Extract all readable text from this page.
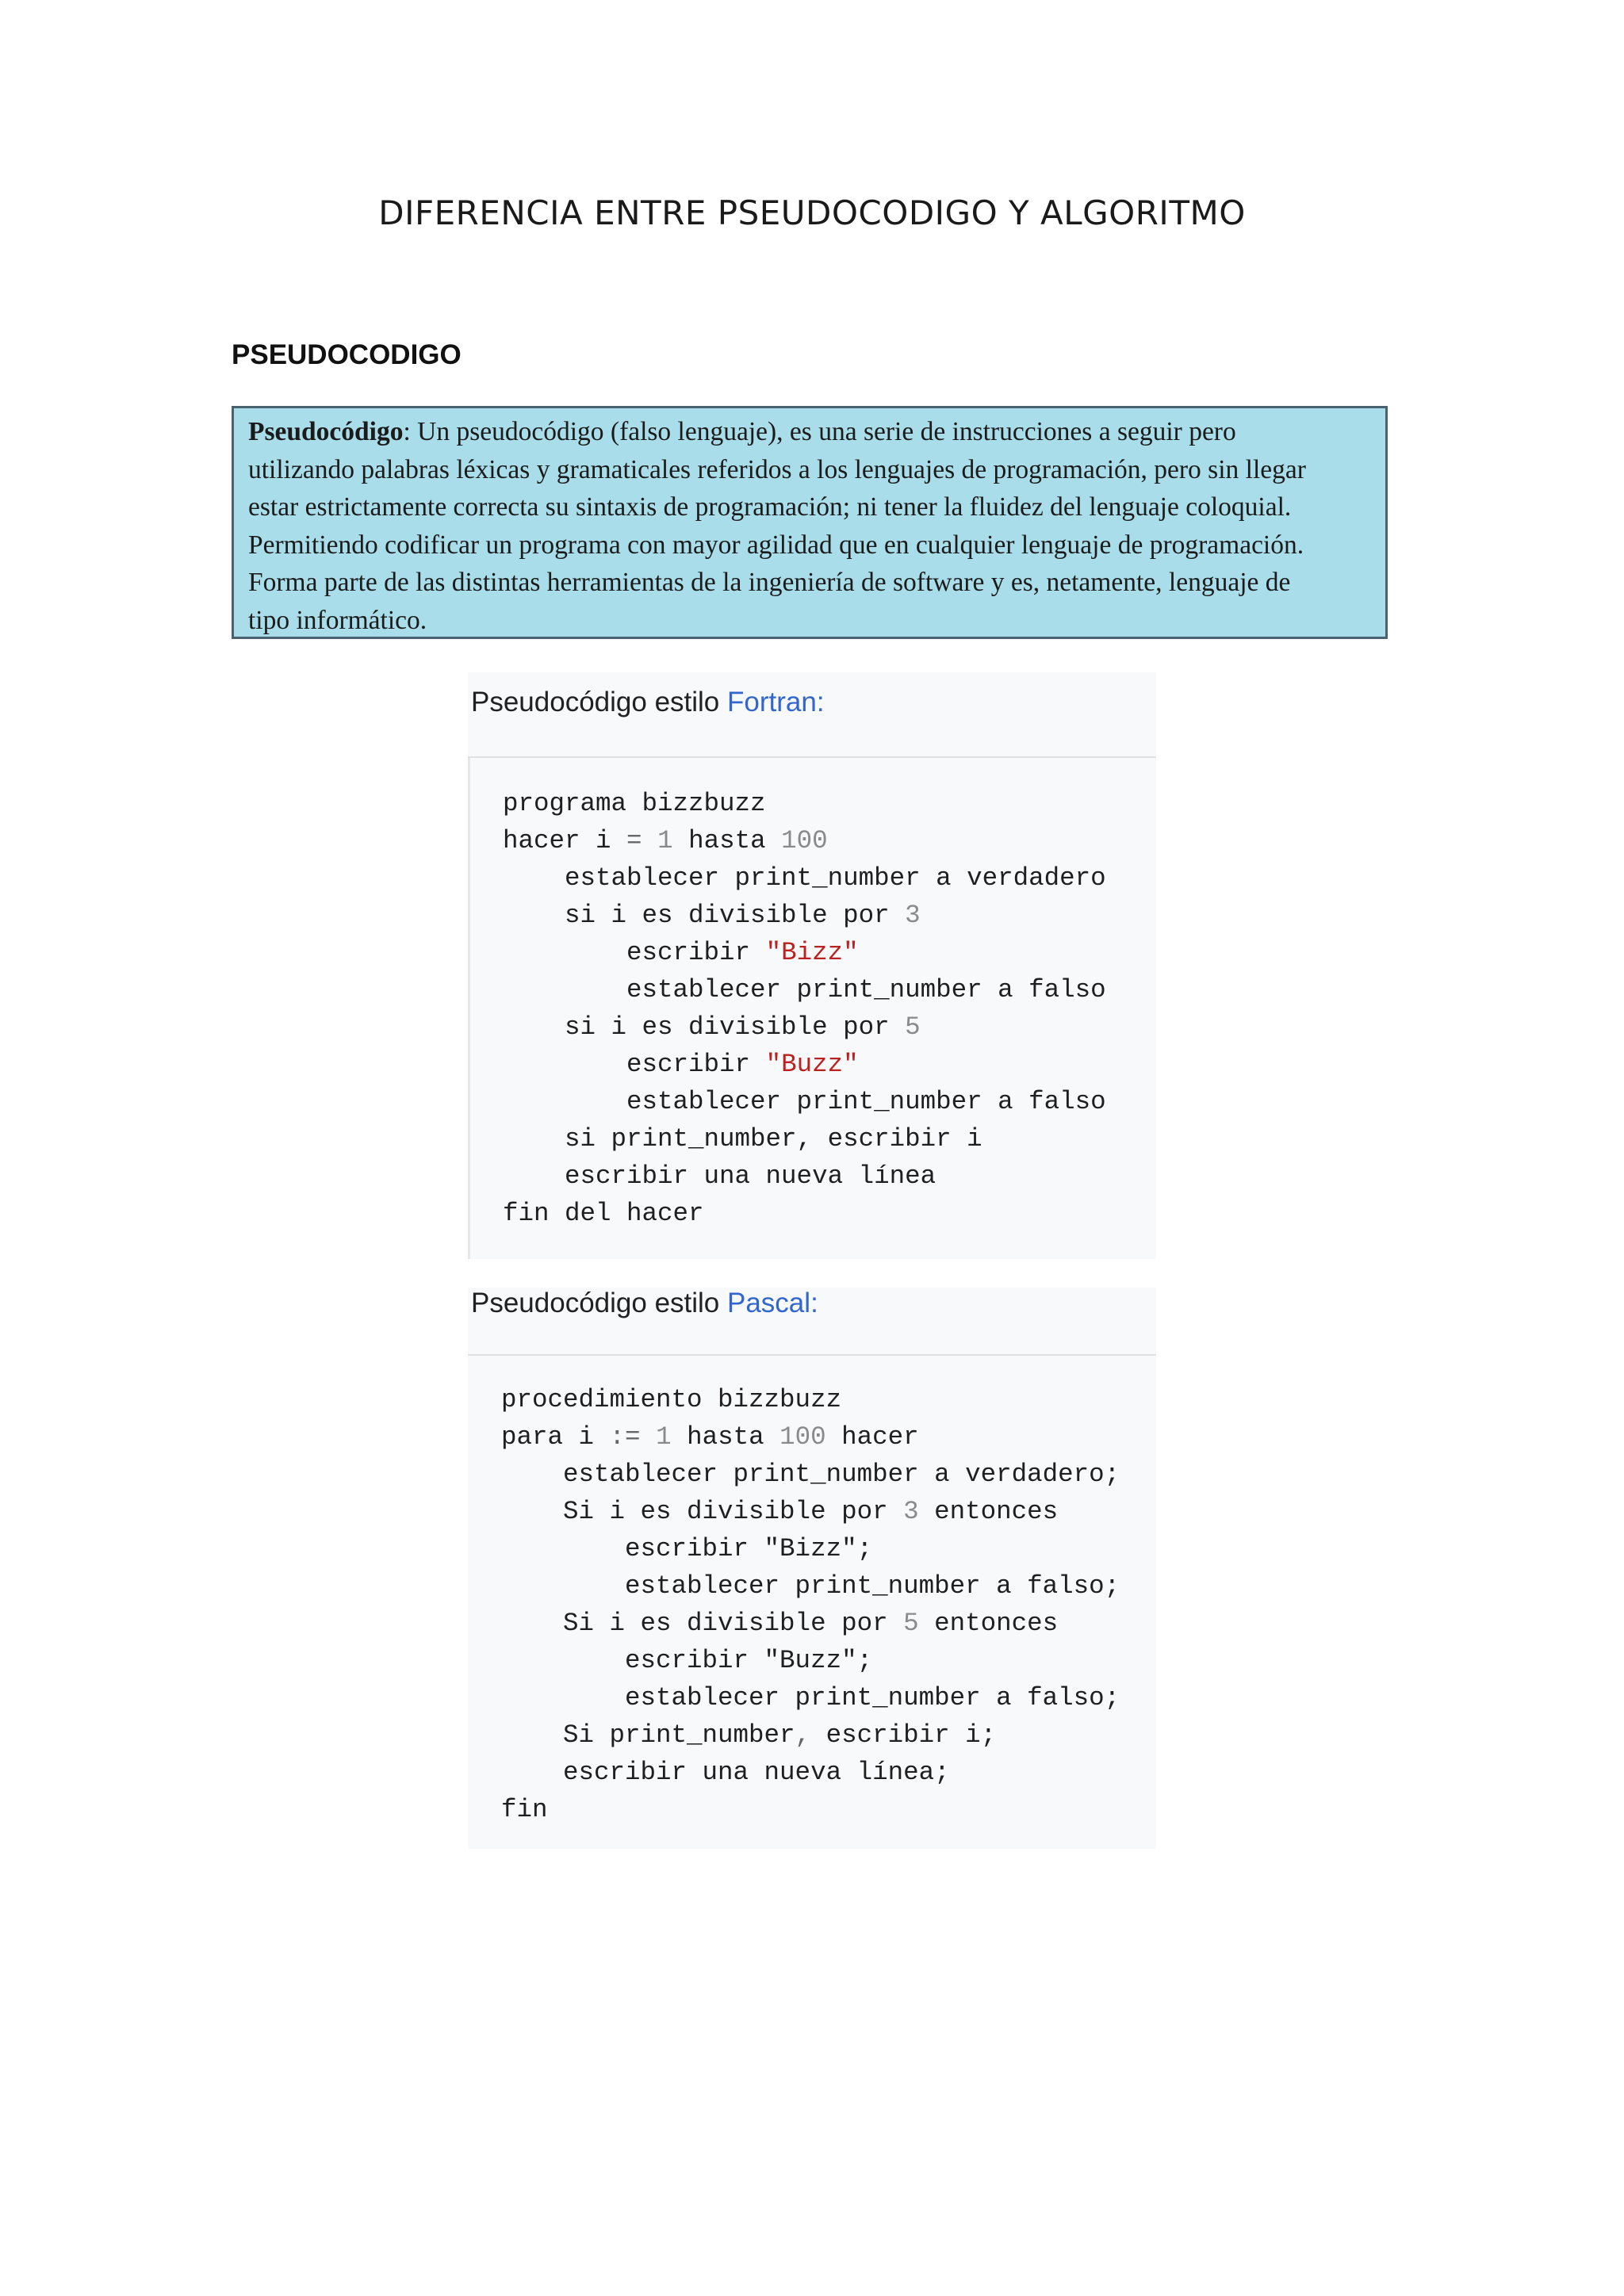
DIFERENCIA ENTRE PSEUDOCODIGO Y ALGORITMO
PSEUDOCODIGO
Pseudocódigo: Un pseudocódigo (falso lenguaje), es una serie de instrucciones a seguir pero
utilizando palabras léxicas y gramaticales referidos a los lenguajes de programación, pero sin llegar
estar estrictamente correcta su sintaxis de programación; ni tener la fluidez del lenguaje coloquial.
Permitiendo codificar un programa con mayor agilidad que en cualquier lenguaje de programación.
Forma parte de las distintas herramientas de la ingeniería de software y es, netamente, lenguaje de
tipo informático.
Pseudocódigo estilo Fortran:
programa bizzbuzz
hacer i = 1 hasta 100
establecer print_number a verdadero
si i es divisible por 3
escribir "Bizz"
establecer print_number a falso
si i es divisible por 5
escribir "Buzz"
establecer print_number a falso
si print_number, escribir i
escribir una nueva línea
fin del hacer
Pseudocódigo estilo Pascal:
procedimiento bizzbuzz
para i := 1 hasta 100 hacer
establecer print_number a verdadero;
Si i es divisible por 3 entonces
escribir "Bizz";
establecer print_number a falso;
Si i es divisible por 5 entonces
escribir "Buzz";
establecer print_number a falso;
Si print_number, escribir i;
escribir una nueva línea;
fin
